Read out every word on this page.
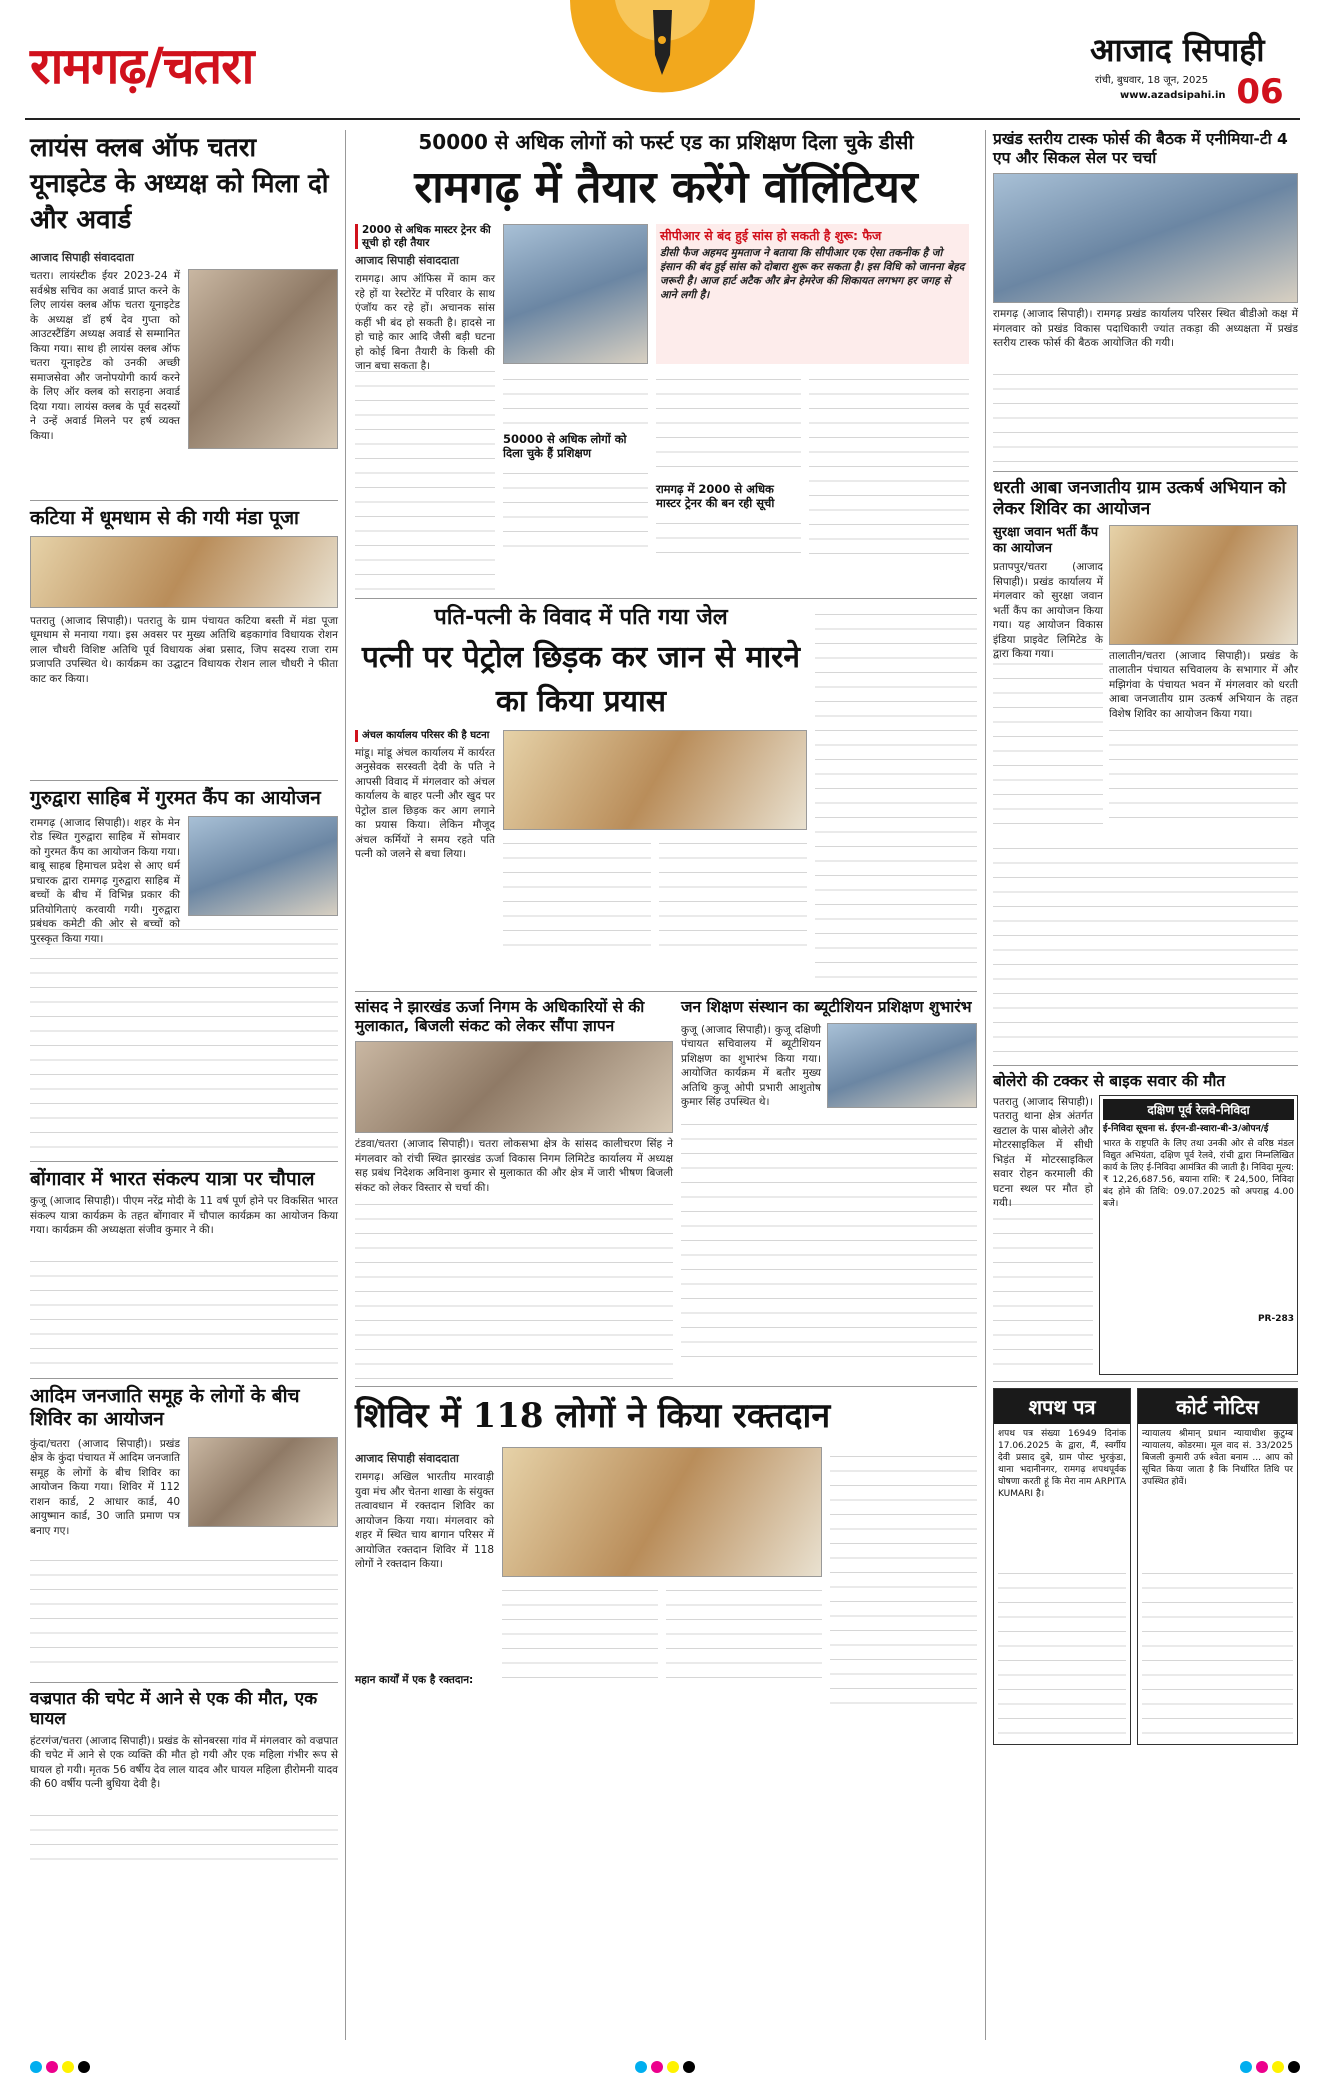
रामगढ़/चतरा	आजाद सिपाही
रांची, बुधवार, 18 जून, 2025
www.azadsipahi.in 06
लायंस क्लब ऑफ चतरा यूनाइटेड के अध्यक्ष को मिला दो और अवार्ड
आजाद सिपाही संवाददाता
चतरा। लायंस्टीक ईयर 2023-24 में सर्वश्रेष्ठ सचिव का अवार्ड प्राप्त करने के लिए लायंस क्लब ऑफ चतरा यूनाइटेड के अध्यक्ष डॉ हर्ष देव गुप्ता को आउटस्टैंडिंग अध्यक्ष अवार्ड से सम्मानित किया गया। साथ ही लायंस क्लब ऑफ चतरा यूनाइटेड को उनकी अच्छी समाजसेवा और जनोपयोगी कार्य करने के लिए ऑर क्लब को सराहना अवार्ड दिया गया। लायंस क्लब के पूर्व सदस्यों ने उन्हें अवार्ड मिलने पर हर्ष व्यक्त किया।
कटिया में धूमधाम से की गयी मंडा पूजा
पतरातु (आजाद सिपाही)। पतरातु के ग्राम पंचायत कटिया बस्ती में मंडा पूजा धूमधाम से मनाया गया। इस अवसर पर मुख्य अतिथि बड़कागांव विधायक रोशन लाल चौधरी विशिष्ट अतिथि पूर्व विधायक अंबा प्रसाद, जिप सदस्य राजा राम प्रजापति उपस्थित थे। कार्यक्रम का उद्घाटन विधायक रोशन लाल चौधरी ने फीता काट कर किया।
गुरुद्वारा साहिब में गुरमत कैंप का आयोजन
रामगढ़ (आजाद सिपाही)। शहर के मेन रोड स्थित गुरुद्वारा साहिब में सोमवार को गुरमत कैंप का आयोजन किया गया। बाबू साहब हिमाचल प्रदेश से आए धर्म प्रचारक द्वारा रामगढ़ गुरुद्वारा साहिब में बच्चों के बीच में विभिन्न प्रकार की प्रतियोगिताएं करवायी गयी। गुरुद्वारा प्रबंधक कमेटी की ओर से बच्चों को पुरस्कृत किया गया।
बोंगावार में भारत संकल्प यात्रा पर चौपाल
कुजू (आजाद सिपाही)। पीएम नरेंद्र मोदी के 11 वर्ष पूर्ण होने पर विकसित भारत संकल्प यात्रा कार्यक्रम के तहत बोंगावार में चौपाल कार्यक्रम का आयोजन किया गया। कार्यक्रम की अध्यक्षता संजीव कुमार ने की।
आदिम जनजाति समूह के लोगों के बीच शिविर का आयोजन
कुंदा/चतरा (आजाद सिपाही)। प्रखंड क्षेत्र के कुंदा पंचायत में आदिम जनजाति समूह के लोगों के बीच शिविर का आयोजन किया गया। शिविर में 112 राशन कार्ड, 2 आधार कार्ड, 40 आयुष्मान कार्ड, 30 जाति प्रमाण पत्र बनाए गए।
वज्रपात की चपेट में आने से एक की मौत, एक घायल
हंटरगंज/चतरा (आजाद सिपाही)। प्रखंड के सोनबरसा गांव में मंगलवार को वज्रपात की चपेट में आने से एक व्यक्ति की मौत हो गयी और एक महिला गंभीर रूप से घायल हो गयी। मृतक 56 वर्षीय देव लाल यादव और घायल महिला हीरोमनी यादव की 60 वर्षीय पत्नी बुधिया देवी है।
50000 से अधिक लोगों को फर्स्ट एड का प्रशिक्षण दिला चुके डीसी
रामगढ़ में तैयार करेंगे वॉलिंटियर
2000 से अधिक मास्टर ट्रेनर की सूची हो रही तैयार
आजाद सिपाही संवाददाता
रामगढ़। आप ऑफिस में काम कर रहे हों या रेस्टोरेंट में परिवार के साथ एंजॉय कर रहे हों। अचानक सांस कहीं भी बंद हो सकती है। हादसे ना हो चाहे कार आदि जैसी बड़ी घटना हो कोई बिना तैयारी के किसी की जान बचा सकता है।
सीपीआर से बंद हुई सांस हो सकती है शुरू: फैज
डीसी फैज अहमद मुमताज ने बताया कि सीपीआर एक ऐसा तकनीक है जो इंसान की बंद हुई सांस को दोबारा शुरू कर सकता है। इस विधि को जानना बेहद जरूरी है। आज हार्ट अटैक और ब्रेन हेमरेज की शिकायत लगभग हर जगह से आने लगी है।
50000 से अधिक लोगों को दिला चुके हैं प्रशिक्षण
रामगढ़ में 2000 से अधिक मास्टर ट्रेनर की बन रही सूची
पति-पत्नी के विवाद में पति गया जेल
पत्नी पर पेट्रोल छिड़क कर जान से मारने का किया प्रयास
अंचल कार्यालय परिसर की है घटना
मांडू। मांडू अंचल कार्यालय में कार्यरत अनुसेवक सरस्वती देवी के पति ने आपसी विवाद में मंगलवार को अंचल कार्यालय के बाहर पत्नी और खुद पर पेट्रोल डाल छिड़क कर आग लगाने का प्रयास किया। लेकिन मौजूद अंचल कर्मियों ने समय रहते पति पत्नी को जलने से बचा लिया।
सांसद ने झारखंड ऊर्जा निगम के अधिकारियों से की मुलाकात, बिजली संकट को लेकर सौंपा ज्ञापन
टंडवा/चतरा (आजाद सिपाही)। चतरा लोकसभा क्षेत्र के सांसद कालीचरण सिंह ने मंगलवार को रांची स्थित झारखंड ऊर्जा विकास निगम लिमिटेड कार्यालय में अध्यक्ष सह प्रबंध निदेशक अविनाश कुमार से मुलाकात की और क्षेत्र में जारी भीषण बिजली संकट को लेकर विस्तार से चर्चा की।
जन शिक्षण संस्थान का ब्यूटीशियन प्रशिक्षण शुभारंभ
कुजू (आजाद सिपाही)। कुजू दक्षिणी पंचायत सचिवालय में ब्यूटीशियन प्रशिक्षण का शुभारंभ किया गया। आयोजित कार्यक्रम में बतौर मुख्य अतिथि कुजू ओपी प्रभारी आशुतोष कुमार सिंह उपस्थित थे।
शिविर में 118 लोगों ने किया रक्तदान
आजाद सिपाही संवाददाता
रामगढ़। अखिल भारतीय मारवाड़ी युवा मंच और चेतना शाखा के संयुक्त तत्वावधान में रक्तदान शिविर का आयोजन किया गया। मंगलवार को शहर में स्थित चाय बागान परिसर में आयोजित रक्तदान शिविर में 118 लोगों ने रक्तदान किया।
महान कार्यों में एक है रक्तदान:
प्रखंड स्तरीय टास्क फोर्स की बैठक में एनीमिया-टी 4 एप और सिकल सेल पर चर्चा
रामगढ़ (आजाद सिपाही)। रामगढ़ प्रखंड कार्यालय परिसर स्थित बीडीओ कक्ष में मंगलवार को प्रखंड विकास पदाधिकारी ज्यांत तकड़ा की अध्यक्षता में प्रखंड स्तरीय टास्क फोर्स की बैठक आयोजित की गयी।
धरती आबा जनजातीय ग्राम उत्कर्ष अभियान को लेकर शिविर का आयोजन
सुरक्षा जवान भर्ती कैंप का आयोजन
प्रतापपुर/चतरा (आजाद सिपाही)। प्रखंड कार्यालय में मंगलवार को सुरक्षा जवान भर्ती कैंप का आयोजन किया गया। यह आयोजन विकास इंडिया प्राइवेट लिमिटेड के द्वारा किया गया।	तालातीन/चतरा (आजाद सिपाही)। प्रखंड के तालातीन पंचायत सचिवालय के सभागार में और मझिगंवा के पंचायत भवन में मंगलवार को धरती आबा जनजातीय ग्राम उत्कर्ष अभियान के तहत विशेष शिविर का आयोजन किया गया।
बोलेरो की टक्कर से बाइक सवार की मौत
पतरातु (आजाद सिपाही)। पतरातु थाना क्षेत्र अंतर्गत खटाल के पास बोलेरो और मोटरसाइकिल में सीधी भिड़ंत में मोटरसाइकिल सवार रोहन करमाली की घटना स्थल पर मौत हो गयी।
दक्षिण पूर्व रेलवे-निविदा
ई-निविदा सूचना सं. ईएन-डी-स्वारा-बी-3/ओपन/ई
भारत के राष्ट्रपति के लिए तथा उनकी ओर से वरिष्ठ मंडल विद्युत अभियंता, दक्षिण पूर्व रेलवे, रांची द्वारा निम्नलिखित कार्य के लिए ई-निविदा आमंत्रित की जाती है। निविदा मूल्य: ₹ 12,26,687.56, बयाना राशि: ₹ 24,500, निविदा बंद होने की तिथि: 09.07.2025 को अपराह्न 4.00 बजे।
PR-283
शपथ पत्र
शपथ पत्र संख्या 16949 दिनांक 17.06.2025 के द्वारा, मैं, स्वर्गीय देवी प्रसाद दुबे, ग्राम पोस्ट भुरकुंडा, थाना भदानीनगर, रामगढ़ शपथपूर्वक घोषणा करती हूं कि मेरा नाम ARPITA KUMARI है।
कोर्ट नोटिस
न्यायालय श्रीमान् प्रधान न्यायाधीश कुटुम्ब न्यायालय, कोडरमा। मूल वाद सं. 33/2025 बिजली कुमारी उर्फ श्वेता बनाम ... आप को सूचित किया जाता है कि निर्धारित तिथि पर उपस्थित होवें।
